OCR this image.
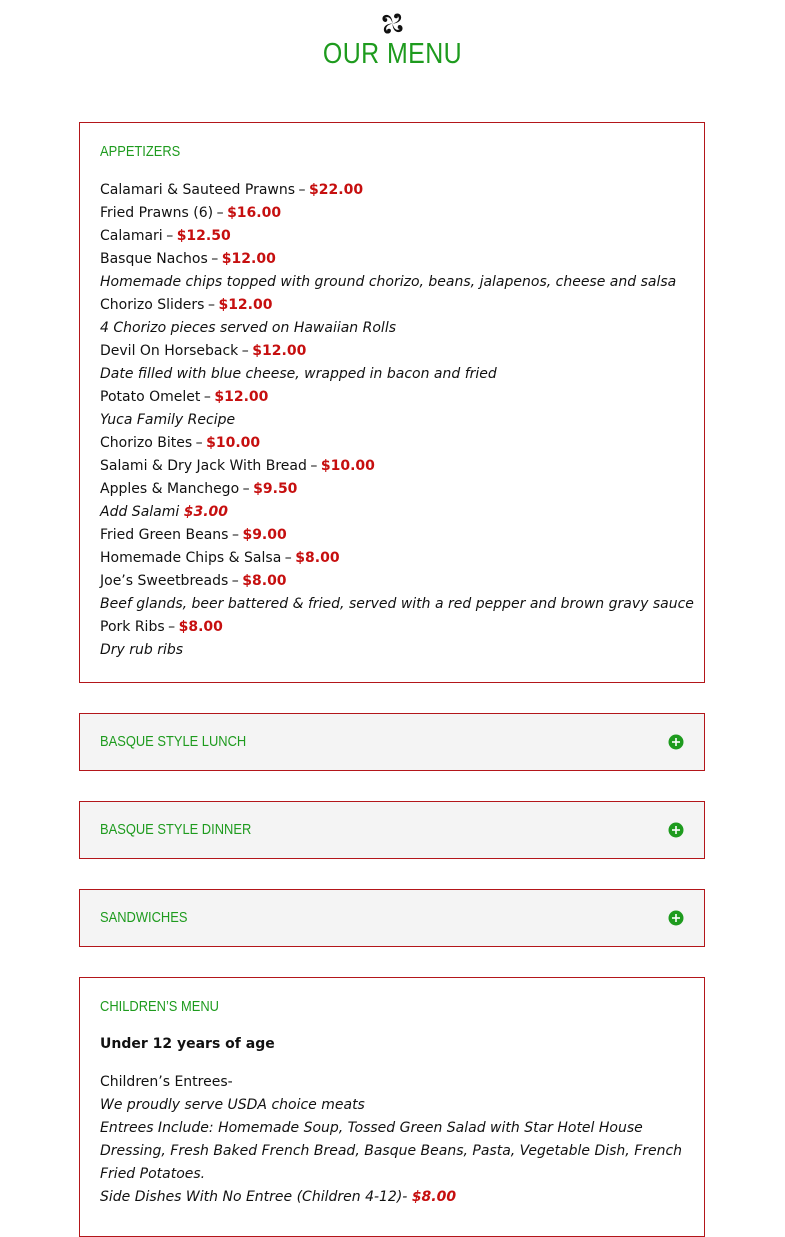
OUR MENU
APPETIZERS
Calamari & Sauteed Prawns – $22.00
Fried Prawns (6) – $16.00
Calamari – $12.50
Basque Nachos – $12.00
Homemade chips topped with ground chorizo, beans, jalapenos, cheese and salsa
Chorizo Sliders – $12.00
4 Chorizo pieces served on Hawaiian Rolls
Devil On Horseback – $12.00
Date filled with blue cheese, wrapped in bacon and fried
Potato Omelet – $12.00
Yuca Family Recipe
Chorizo Bites – $10.00
Salami & Dry Jack With Bread – $10.00
Apples & Manchego – $9.50
Add Salami $3.00
Fried Green Beans – $9.00
Homemade Chips & Salsa – $8.00
Joe’s Sweetbreads – $8.00
Beef glands, beer battered & fried, served with a red pepper and brown gravy sauce
Pork Ribs – $8.00
Dry rub ribs
BASQUE STYLE LUNCH
BASQUE STYLE DINNER
SANDWICHES
CHILDREN’S MENU

Under 12 years of age

Children’s Entrees-
We proudly serve USDA choice meats
Entrees Include: Homemade Soup, Tossed Green Salad with Star Hotel House Dressing, Fresh Baked French Bread, Basque Beans, Pasta, Vegetable Dish, French Fried Potatoes.
Side Dishes With No Entree (Children 4-12)- $8.00
